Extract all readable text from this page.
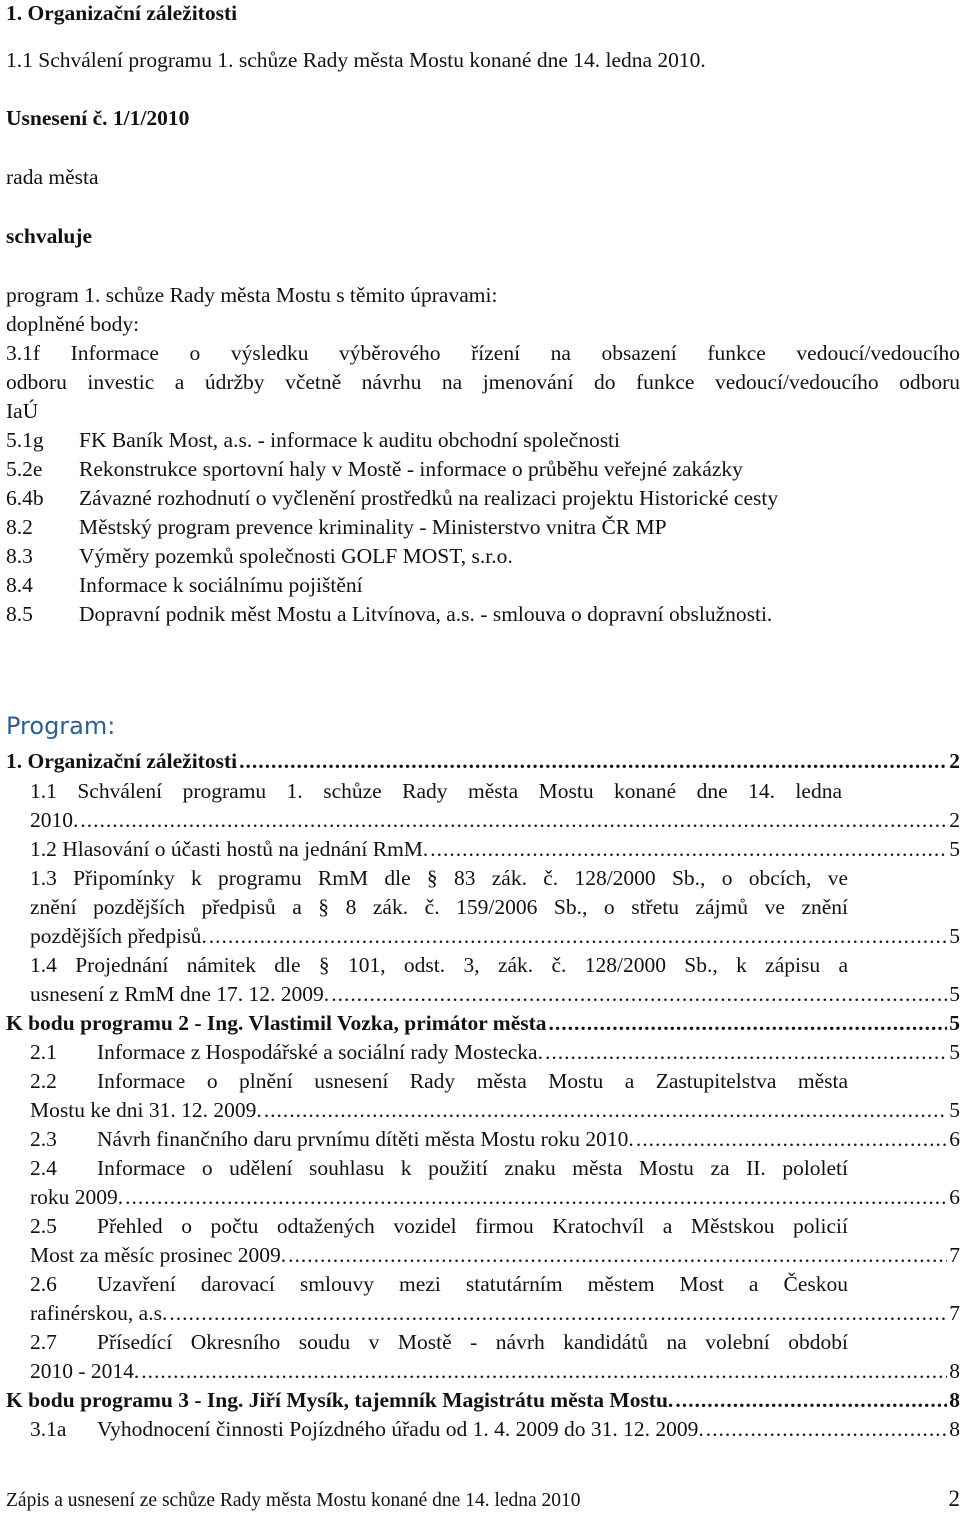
1. Organizační záležitosti
1.1 Schválení programu 1. schůze Rady města Mostu konané dne 14. ledna 2010.
Usnesení č. 1/1/2010
rada města
schvaluje
program 1. schůze Rady města Mostu s těmito úpravami:
doplněné body:
3.1f Informace o výsledku výběrového řízení na obsazení funkce vedoucí/vedoucího
odboru investic a údržby včetně návrhu na jmenování do funkce vedoucí/vedoucího odboru
IaÚ
5.1g FK Baník Most, a.s. - informace k auditu obchodní společnosti
5.2e Rekonstrukce sportovní haly v Mostě - informace o průběhu veřejné zakázky
6.4b Závazné rozhodnutí o vyčlenění prostředků na realizaci projektu Historické cesty
8.2 Městský program prevence kriminality - Ministerstvo vnitra ČR MP
8.3 Výměry pozemků společnosti GOLF MOST, s.r.o.
8.4 Informace k sociálnímu pojištění
8.5 Dopravní podnik měst Mostu a Litvínova, a.s. - smlouva o dopravní obslužnosti.
Program:
1. Organizační záležitosti .....	2
1.1 Schválení programu 1. schůze Rady města Mostu konané dne 14. ledna
2010. .....	2
1.2 Hlasování o účasti hostů na jednání RmM. .....	5
1.3 Připomínky k programu RmM dle § 83 zák. č. 128/2000 Sb., o obcích, ve
znění pozdějších předpisů a § 8 zák. č. 159/2006 Sb., o střetu zájmů ve znění
pozdějších předpisů. .....	5
1.4 Projednání námitek dle § 101, odst. 3, zák. č. 128/2000 Sb., k zápisu a
usnesení z RmM dne 17. 12. 2009. .....	5
K bodu programu 2 - Ing. Vlastimil Vozka, primátor města .....	5
2.1 Informace z Hospodářské a sociální rady Mostecka. .....	5
2.2	Informace o plnění usnesení Rady města Mostu a Zastupitelstva města
Mostu ke dni 31. 12. 2009. .....	5
2.3 Návrh finančního daru prvnímu dítěti města Mostu roku 2010. .....	6
2.4	Informace o udělení souhlasu k použití znaku města Mostu za II. pololetí
roku 2009. .....	6
2.5	Přehled o počtu odtažených vozidel firmou Kratochvíl a Městskou policií
Most za měsíc prosinec 2009. .....	7
2.6	Uzavření darovací smlouvy mezi statutárním městem Most a Českou
rafinérskou, a.s. .....	7
2.7	Přísedící Okresního soudu v Mostě - návrh kandidátů na volební období
2010 - 2014. .....	8
K bodu programu 3 - Ing. Jiří Mysík, tajemník Magistrátu města Mostu. .....	8
3.1a Vyhodnocení činnosti Pojízdného úřadu od 1. 4. 2009 do 31. 12. 2009. .....	8
Zápis a usnesení ze schůze Rady města Mostu konané dne 14. ledna 2010	2
